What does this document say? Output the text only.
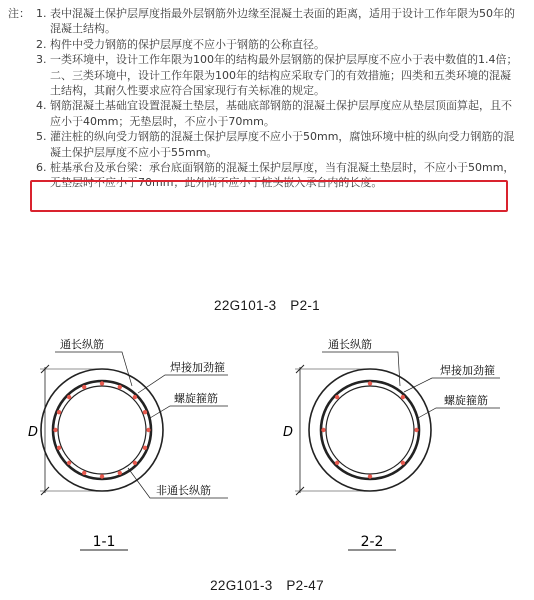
注： 1. 表中混凝土保护层厚度指最外层钢筋外边缘至混凝土表面的距离，适用于设计工作年限为50年的混凝土结构。
2. 构件中受力钢筋的保护层厚度不应小于钢筋的公称直径。
3. 一类环境中，设计工作年限为100年的结构最外层钢筋的保护层厚度不应小于表中数值的1.4倍；二、三类环境中，设计工作年限为100年的结构应采取专门的有效措施；四类和五类环境的混凝土结构，其耐久性要求应符合国家现行有关标准的规定。
4. 钢筋混凝土基础宜设置混凝土垫层，基础底部钢筋的混凝土保护层厚度应从垫层顶面算起，且不应小于40mm；无垫层时，不应小于70mm。
5. 灌注桩的纵向受力钢筋的混凝土保护层厚度不应小于50mm，腐蚀环境中桩的纵向受力钢筋的混凝土保护层厚度不应小于55mm。
6. 桩基承台及承台梁：承台底面钢筋的混凝土保护层厚度，当有混凝土垫层时，不应小于50mm，无垫层时不应小于70mm；此外尚不应小于桩头嵌入承台内的长度。
22G101-3　P2-1
D
通长纵筋
焊接加劲箍
螺旋箍筋
非通长纵筋
1-1
D
通长纵筋
焊接加劲箍
螺旋箍筋
2-2
22G101-3　P2-47
